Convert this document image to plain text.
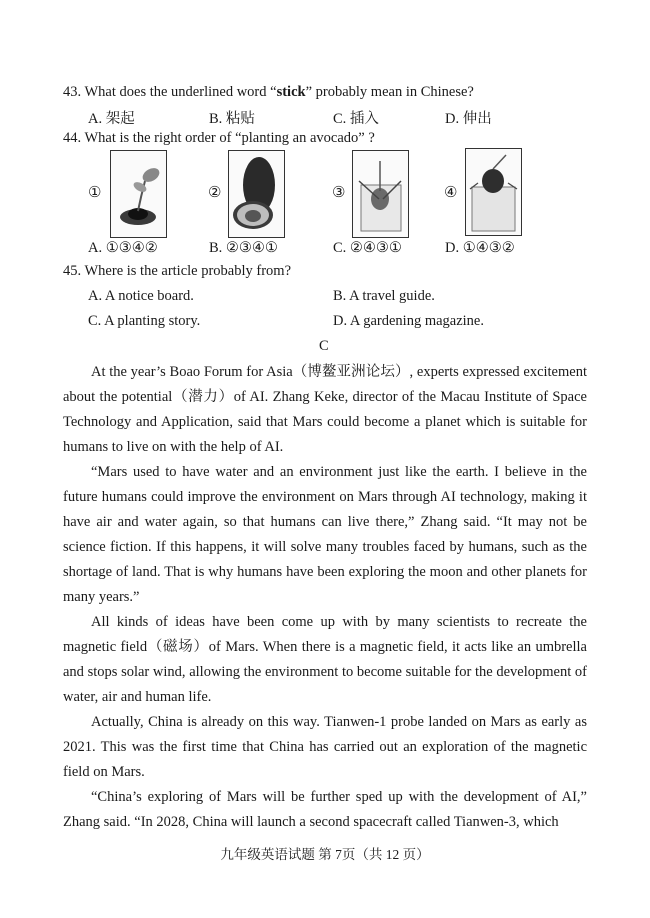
43. What does the underlined word “stick” probably mean in Chinese?
A. 架起	B. 粘贴	C. 插入	D. 伸出
44. What is the right order of “planting an avocado” ?
①	②	③	④
A. ①③④②	B. ②③④①	C. ②④③①	D. ①④③②
45. Where is the article probably from?
A. A notice board.	B. A travel guide.
C. A planting story.	D. A gardening magazine.
C

At the year’s Boao Forum for Asia（博鳌亚洲论坛）, experts expressed excitement about the potential（潜力）of AI. Zhang Keke, director of the Macau Institute of Space Technology and Application, said that Mars could become a planet which is suitable for humans to live on with the help of AI.

“Mars used to have water and an environment just like the earth. I believe in the future humans could improve the environment on Mars through AI technology, making it have air and water again, so that humans can live there,” Zhang said. “It may not be science fiction. If this happens, it will solve many troubles faced by humans, such as the shortage of land. That is why humans have been exploring the moon and other planets for many years.”

All kinds of ideas have been come up with by many scientists to recreate the magnetic field（磁场）of Mars. When there is a magnetic field, it acts like an umbrella and stops solar wind, allowing the environment to become suitable for the development of water, air and human life.

Actually, China is already on this way. Tianwen-1 probe landed on Mars as early as 2021. This was the first time that China has carried out an exploration of the magnetic field on Mars.

“China’s exploring of Mars will be further sped up with the development of AI,” Zhang said. “In 2028, China will launch a second spacecraft called Tianwen-3, which

九年级英语试题 第 7页（共 12 页）
